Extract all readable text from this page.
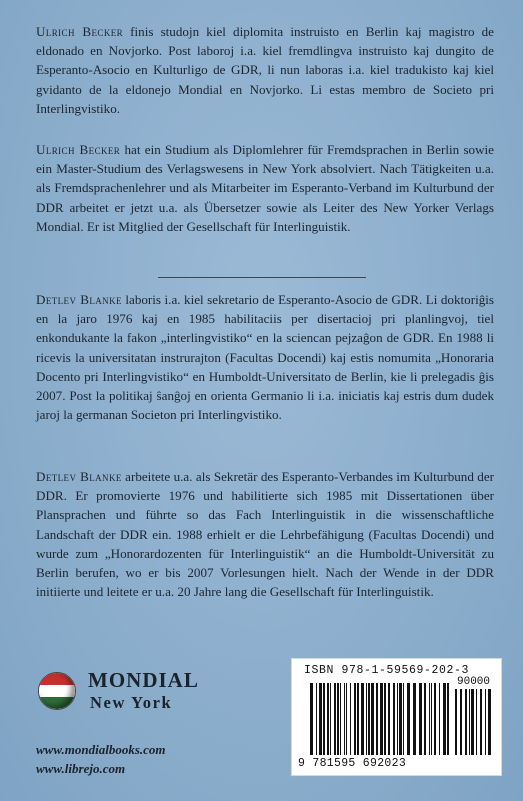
Ulrich Becker finis studojn kiel diplomita instruisto en Berlin kaj magistro de eldonado en Novjorko. Post laboroj i.a. kiel fremdlingva instruisto kaj dungito de Esperanto-Asocio en Kulturligo de GDR, li nun laboras i.a. kiel tradukisto kaj kiel gvidanto de la eldonejo Mondial en Novjorko. Li estas membro de Societo pri Interlingvistiko.

Ulrich Becker hat ein Studium als Diplomlehrer für Fremdsprachen in Berlin sowie ein Master-Studium des Verlagswesens in New York absolviert. Nach Tätigkeiten u.a. als Fremdsprachenlehrer und als Mitarbeiter im Esperanto-Verband im Kulturbund der DDR arbeitet er jetzt u.a. als Übersetzer sowie als Leiter des New Yorker Verlags Mondial. Er ist Mitglied der Gesellschaft für Interlinguistik.

Detlev Blanke laboris i.a. kiel sekretario de Esperanto-Asocio de GDR. Li doktoriĝis en la jaro 1976 kaj en 1985 habilitaciis per disertacioj pri planlingvoj, tiel enkondukante la fakon „interlingvistiko“ en la sciencan pejzaĝon de GDR. En 1988 li ricevis la universitatan instrurajton (Facultas Docendi) kaj estis nomumita „Honoraria Docento pri Interlingvistiko“ en Humboldt-Universitato de Berlin, kie li prelegadis ĝis 2007. Post la politikaj ŝanĝoj en orienta Germanio li i.a. iniciatis kaj estris dum dudek jaroj la germanan Societon pri Interlingvistiko.

Detlev Blanke arbeitete u.a. als Sekretär des Esperanto-Verbandes im Kulturbund der DDR. Er promovierte 1976 und habilitierte sich 1985 mit Dissertationen über Plansprachen und führte so das Fach Interlinguistik in die wissenschaftliche Landschaft der DDR ein. 1988 erhielt er die Lehrbefähigung (Facultas Docendi) und wurde zum „Honorardozenten für Interlinguistik“ an die Humboldt-Universität zu Berlin berufen, wo er bis 2007 Vorlesungen hielt. Nach der Wende in der DDR initiierte und leitete er u.a. 20 Jahre lang die Gesellschaft für Interlinguistik.

MONDIAL
New York
www.mondialbooks.com
www.librejo.com
ISBN 978-1-59569-202-3
90000
9 781595 692023
